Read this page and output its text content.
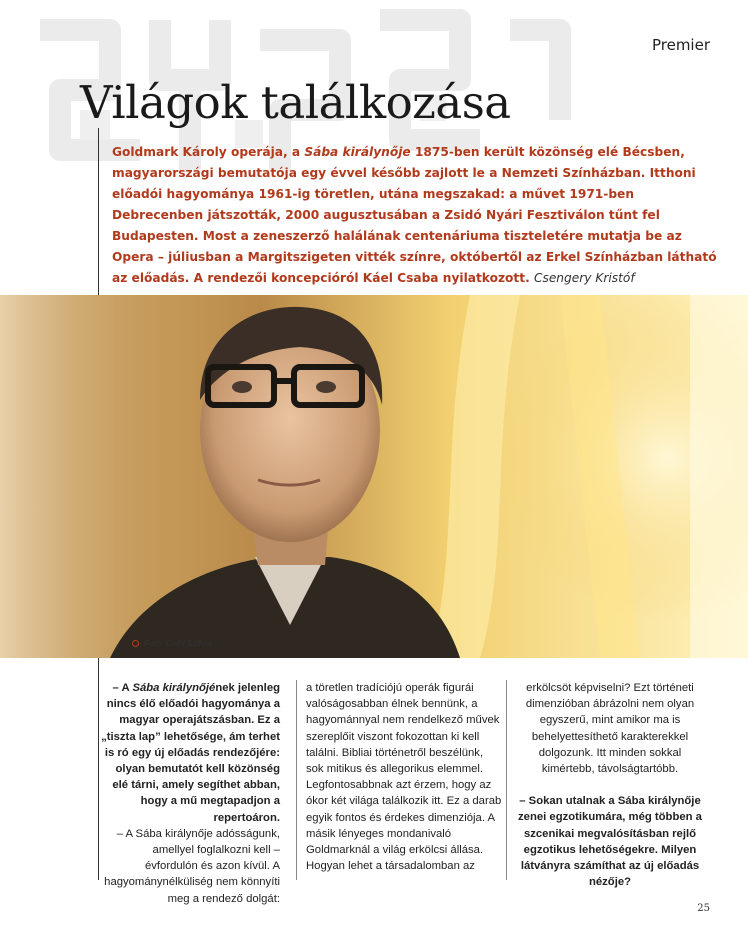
Premier
Világok találkozása

Goldmark Károly operája, a Sába királynője 1875-ben került közönség elé Bécsben, magyarországi bemutatója egy évvel később zajlott le a Nemzeti Színházban. Itthoni előadói hagyománya 1961-ig töretlen, utána megszakad: a művet 1971-ben Debrecenben játszották, 2000 augusztusában a Zsidó Nyári Fesztiválon tűnt fel Budapesten. Most a zeneszerző halálának centenáriuma tiszteletére mutatja be az Opera – júliusban a Margitszigeten vitték színre, októbertől az Erkel Színházban látható az előadás. A rendezői koncepcióról Káel Csaba nyilatkozott. Csengery Kristóf

Fotó: Csibi Szilvia

– A Sába királynőjének jelenleg nincs élő előadói hagyománya a magyar operajátszásban. Ez a „tiszta lap” lehetősége, ám terhet is ró egy új előadás rendezőjére: olyan bemutatót kell közönség elé tárni, amely segíthet abban, hogy a mű megtapadjon a repertoáron.

– A Sába királynője adósságunk, amellyel foglalkozni kell – évfordulón és azon kívül. A hagyománynélküliség nem könnyíti meg a rendező dolgát:

a töretlen tradíciójú operák figurái valóságosabban élnek bennünk, a hagyománnyal nem rendelkező művek szereplőit viszont fokozottan ki kell találni. Bibliai történetről beszélünk, sok mitikus és allegorikus elemmel. Legfontosabbnak azt érzem, hogy az ókor két világa találkozik itt. Ez a darab egyik fontos és érdekes dimenziója. A másik lényeges mondanivaló Goldmarknál a világ erkölcsi állása. Hogyan lehet a társadalomban az

erkölcsöt képviselni? Ezt történeti dimenzióban ábrázolni nem olyan egyszerű, mint amikor ma is behelyettesíthető karakterekkel dolgozunk. Itt minden sokkal kimértebb, távolságtartóbb.

– Sokan utalnak a Sába királynője zenei egzotikumára, még többen a szcenikai megvalósításban rejlő egzotikus lehetőségekre. Milyen látványra számíthat az új előadás nézője?

25
